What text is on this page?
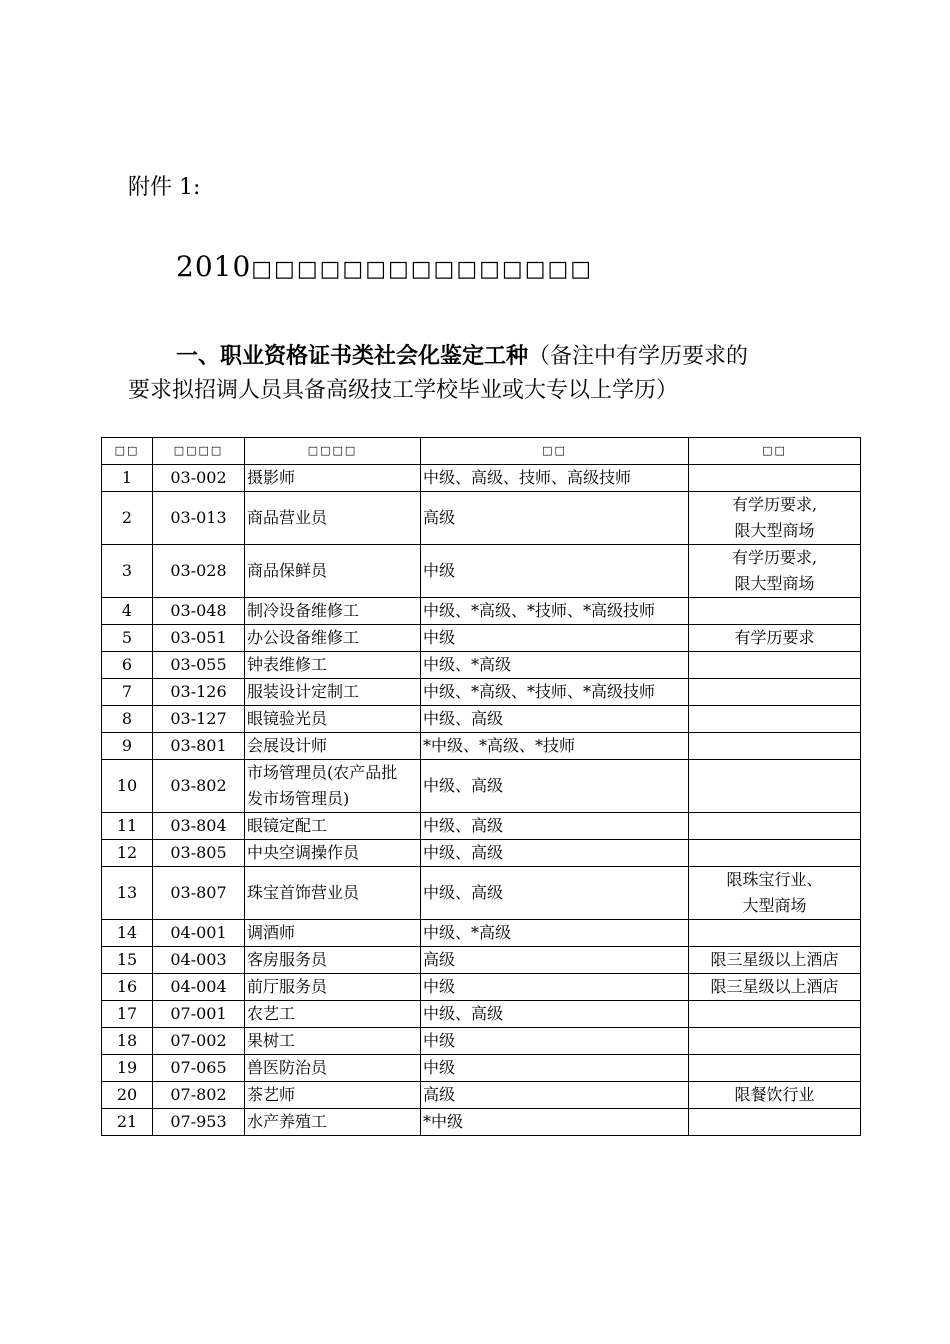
附件 1:
2010□□□□□□□□□□□□□□□
一、职业资格证书类社会化鉴定工种（备注中有学历要求的
要求拟招调人员具备高级技工学校毕业或大专以上学历）
□□	□□□□	□□□□	□□	□□
1	03-002	摄影师	中级、高级、技师、高级技师	
2	03-013	商品营业员	高级	有学历要求,
限大型商场

3	03-028	商品保鲜员	中级	有学历要求,
限大型商场

4	03-048	制冷设备维修工	中级、*高级、*技师、*高级技师	
5	03-051	办公设备维修工	中级	有学历要求
6	03-055	钟表维修工	中级、*高级	
7	03-126	服装设计定制工	中级、*高级、*技师、*高级技师	
8	03-127	眼镜验光员	中级、高级	
9	03-801	会展设计师	*中级、*高级、*技师	
10	03-802	市场管理员(农产品批
发市场管理员)	中级、高级	
11	03-804	眼镜定配工	中级、高级	
12	03-805	中央空调操作员	中级、高级	
13	03-807	珠宝首饰营业员	中级、高级	限珠宝行业、
大型商场

14	04-001	调酒师	中级、*高级	
15	04-003	客房服务员	高级	限三星级以上酒店
16	04-004	前厅服务员	中级	限三星级以上酒店
17	07-001	农艺工	中级、高级	
18	07-002	果树工	中级	
19	07-065	兽医防治员	中级	
20	07-802	茶艺师	高级	限餐饮行业
21	07-953	水产养殖工	*中级	
